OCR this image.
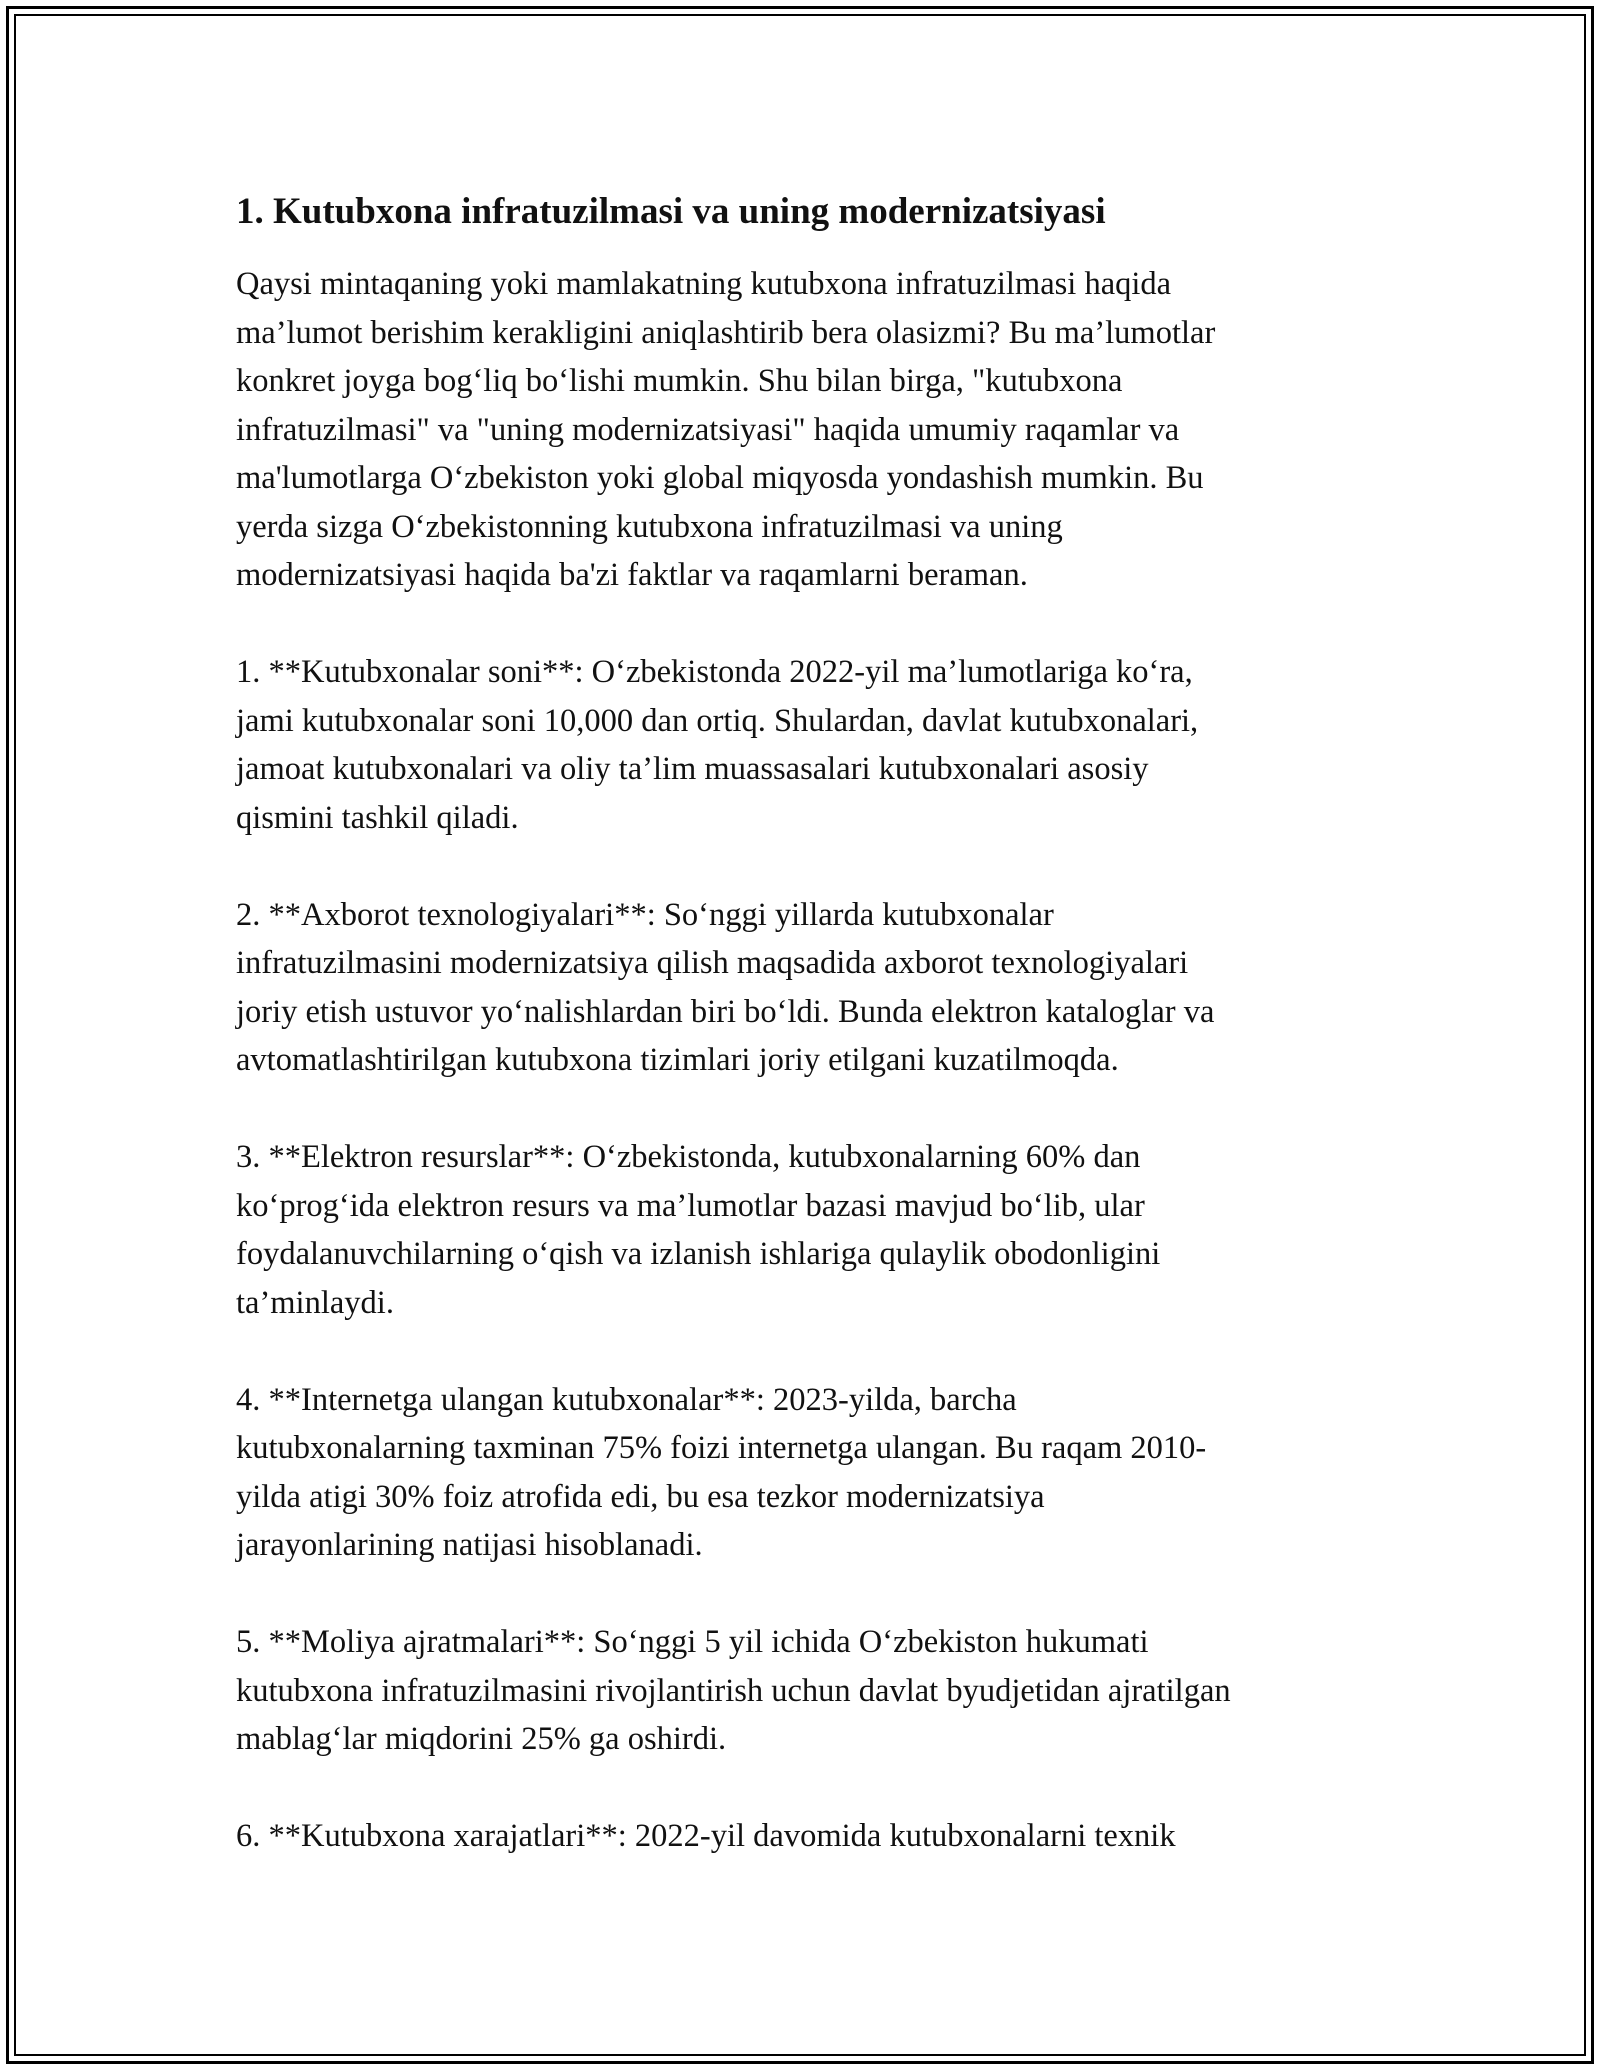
1. Kutubxona infratuzilmasi va uning modernizatsiyasi
Qaysi mintaqaning yoki mamlakatning kutubxona infratuzilmasi haqida
ma’lumot berishim kerakligini aniqlashtirib bera olasizmi? Bu ma’lumotlar
konkret joyga bog‘liq bo‘lishi mumkin. Shu bilan birga, "kutubxona
infratuzilmasi" va "uning modernizatsiyasi" haqida umumiy raqamlar va
ma'lumotlarga O‘zbekiston yoki global miqyosda yondashish mumkin. Bu
yerda sizga O‘zbekistonning kutubxona infratuzilmasi va uning
modernizatsiyasi haqida ba'zi faktlar va raqamlarni beraman.
1. **Kutubxonalar soni**: O‘zbekistonda 2022-yil ma’lumotlariga ko‘ra,
jami kutubxonalar soni 10,000 dan ortiq. Shulardan, davlat kutubxonalari,
jamoat kutubxonalari va oliy ta’lim muassasalari kutubxonalari asosiy
qismini tashkil qiladi.
2. **Axborot texnologiyalari**: So‘nggi yillarda kutubxonalar
infratuzilmasini modernizatsiya qilish maqsadida axborot texnologiyalari
joriy etish ustuvor yo‘nalishlardan biri bo‘ldi. Bunda elektron kataloglar va
avtomatlashtirilgan kutubxona tizimlari joriy etilgani kuzatilmoqda.
3. **Elektron resurslar**: O‘zbekistonda, kutubxonalarning 60% dan
ko‘prog‘ida elektron resurs va ma’lumotlar bazasi mavjud bo‘lib, ular
foydalanuvchilarning o‘qish va izlanish ishlariga qulaylik obodonligini
ta’minlaydi.
4. **Internetga ulangan kutubxonalar**: 2023-yilda, barcha
kutubxonalarning taxminan 75% foizi internetga ulangan. Bu raqam 2010-
yilda atigi 30% foiz atrofida edi, bu esa tezkor modernizatsiya
jarayonlarining natijasi hisoblanadi.
5. **Moliya ajratmalari**: So‘nggi 5 yil ichida O‘zbekiston hukumati
kutubxona infratuzilmasini rivojlantirish uchun davlat byudjetidan ajratilgan
mablag‘lar miqdorini 25% ga oshirdi.
6. **Kutubxona xarajatlari**: 2022-yil davomida kutubxonalarni texnik
